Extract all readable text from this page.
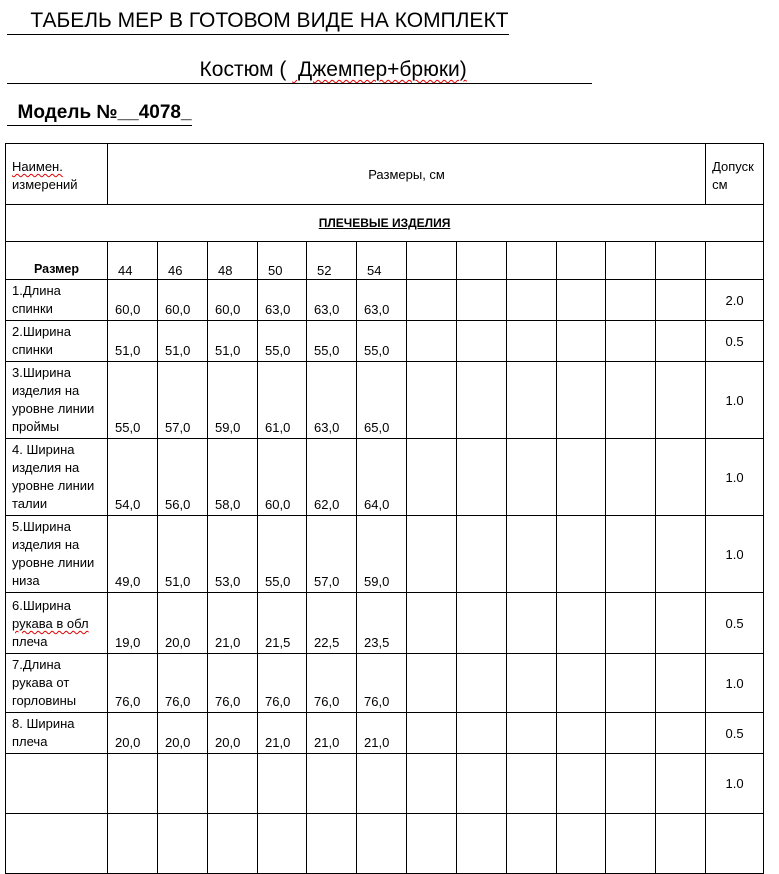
ТАБЕЛЬ МЕР В ГОТОВОМ ВИДЕ НА КОМПЛЕКТ
Костюм (  Джемпер+брюки)
Модель №__4078_
Наимен.
измерений	Размеры, см												Допуск
см
ПЛЕЧЕВЫЕ ИЗДЕЛИЯ													
Размер	44	46	48	50	52	54							
1.Длина
спинки	60,0	60,0	60,0	63,0	63,0	63,0							2.0
2.Ширина
спинки	51,0	51,0	51,0	55,0	55,0	55,0							0.5
3.Ширина
изделия на
уровне линии
проймы	55,0	57,0	59,0	61,0	63,0	65,0							1.0
4. Ширина
изделия на
уровне линии
талии	54,0	56,0	58,0	60,0	62,0	64,0							1.0
5.Ширина
изделия на
уровне линии
низа	49,0	51,0	53,0	55,0	57,0	59,0							1.0
6.Ширина
рукава в обл
плеча	19,0	20,0	21,0	21,5	22,5	23,5							0.5
7.Длина
рукава от
горловины	76,0	76,0	76,0	76,0	76,0	76,0							1.0
8. Ширина
плеча	20,0	20,0	20,0	21,0	21,0	21,0							0.5
													1.0
